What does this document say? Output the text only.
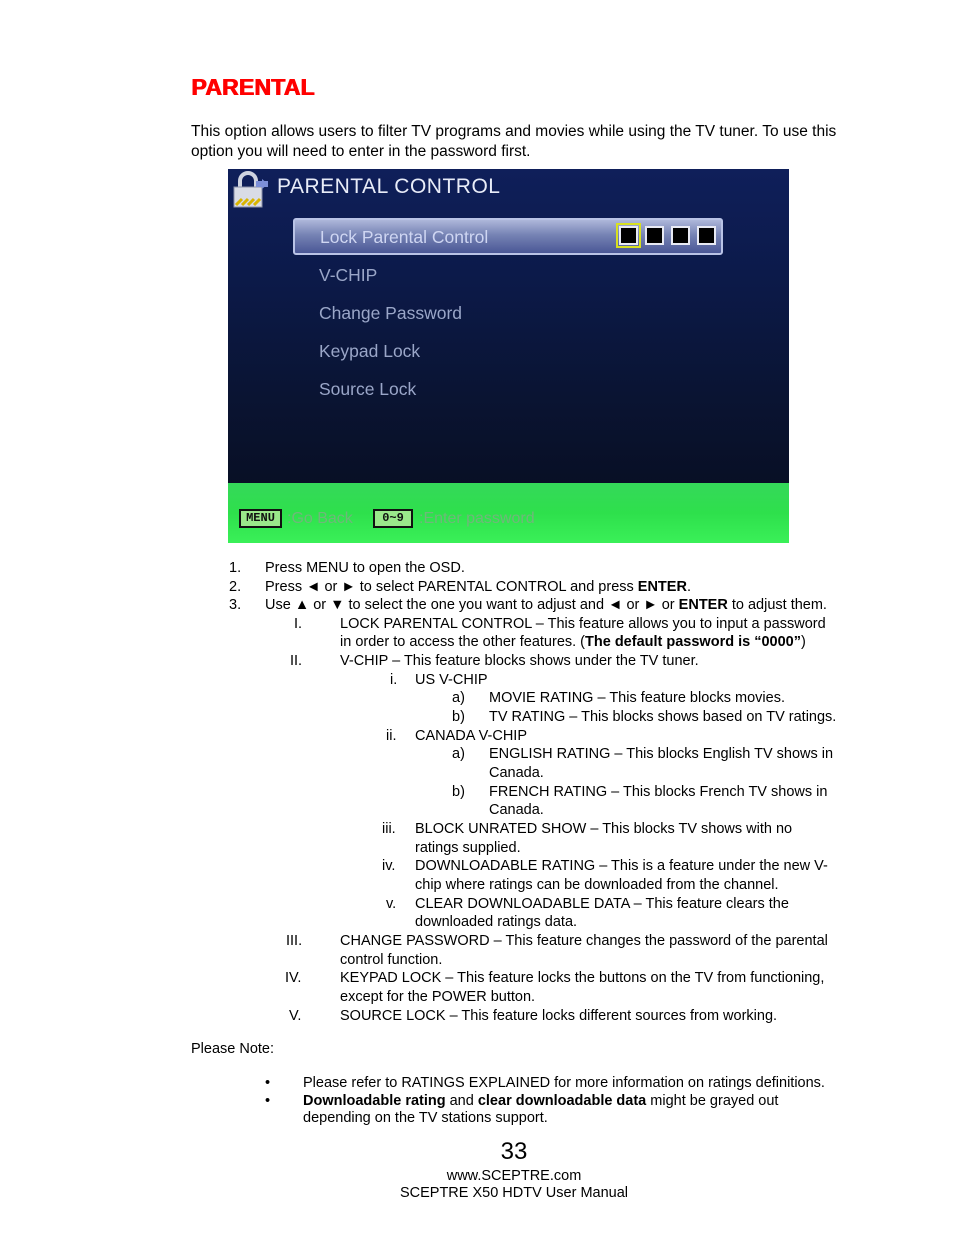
PARENTAL
This option allows users to filter TV programs and movies while using the TV tuner. To use this option you will need to enter in the password first.
PARENTAL CONTROL
Lock Parental Control
V-CHIP
Change Password
Keypad Lock
Source Lock
MENU :Go Back	0~9 :Enter password
1.	Press MENU to open the OSD.
2. Press ◄ or ► to select PARENTAL CONTROL and press ENTER.
3. Use ▲ or ▼ to select the one you want to adjust and ◄ or ► or ENTER to adjust them.
I.	LOCK PARENTAL CONTROL – This feature allows you to input a password
in order to access the other features. (The default password is “0000”)
II.	V-CHIP – This feature blocks shows under the TV tuner.
i. US V-CHIP
a) MOVIE RATING – This feature blocks movies.
b) TV RATING – This blocks shows based on TV ratings.
ii. CANADA V-CHIP
a) ENGLISH RATING – This blocks English TV shows in
Canada.
b) FRENCH RATING – This blocks French TV shows in
Canada.
iii. BLOCK UNRATED SHOW – This blocks TV shows with no
ratings supplied.
iv. DOWNLOADABLE RATING – This is a feature under the new V-
chip where ratings can be downloaded from the channel.
v. CLEAR DOWNLOADABLE DATA – This feature clears the
downloaded ratings data.
III.	CHANGE PASSWORD – This feature changes the password of the parental
control function.
IV.	KEYPAD LOCK – This feature locks the buttons on the TV from functioning,
except for the POWER button.
V.	SOURCE LOCK – This feature locks different sources from working.
Please Note:
• Please refer to RATINGS EXPLAINED for more information on ratings definitions.
• Downloadable rating and clear downloadable data might be grayed out
depending on the TV stations support.
33
www.SCEPTRE.com
SCEPTRE X50 HDTV User Manual
